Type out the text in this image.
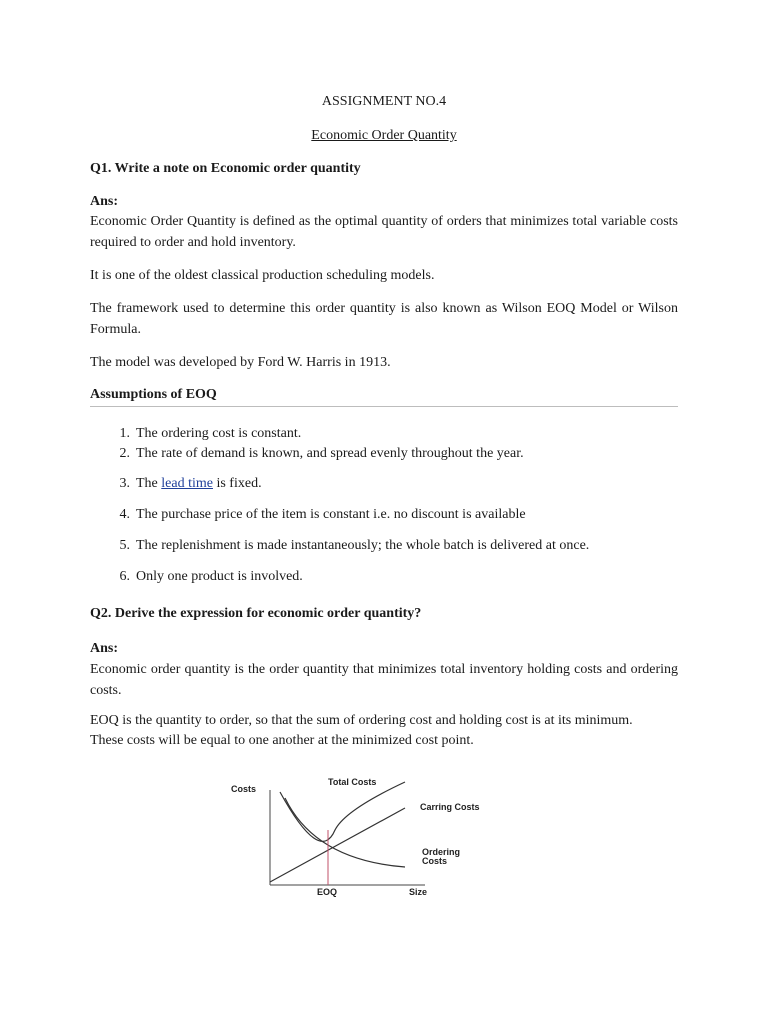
ASSIGNMENT NO.4
Economic Order Quantity
Q1. Write a note on Economic order quantity
Ans:
Economic Order Quantity is defined as the optimal quantity of orders that minimizes total variable costs required to order and hold inventory.
It is one of the oldest classical production scheduling models.
The framework used to determine this order quantity is also known as Wilson EOQ Model or Wilson Formula.
The model was developed by Ford W. Harris in 1913.
Assumptions of EOQ
1. The ordering cost is constant.
2. The rate of demand is known, and spread evenly throughout the year.
3. The lead time is fixed.
4. The purchase price of the item is constant i.e. no discount is available
5. The replenishment is made instantaneously; the whole batch is delivered at once.
6. Only one product is involved.
Q2. Derive the expression for economic order quantity?
Ans:
Economic order quantity is the order quantity that minimizes total inventory holding costs and ordering costs.
EOQ is the quantity to order, so that the sum of ordering cost and holding cost is at its minimum.
These costs will be equal to one another at the minimized cost point.
Costs
Total Costs
Carring Costs
Ordering
Costs
EOQ	Size
